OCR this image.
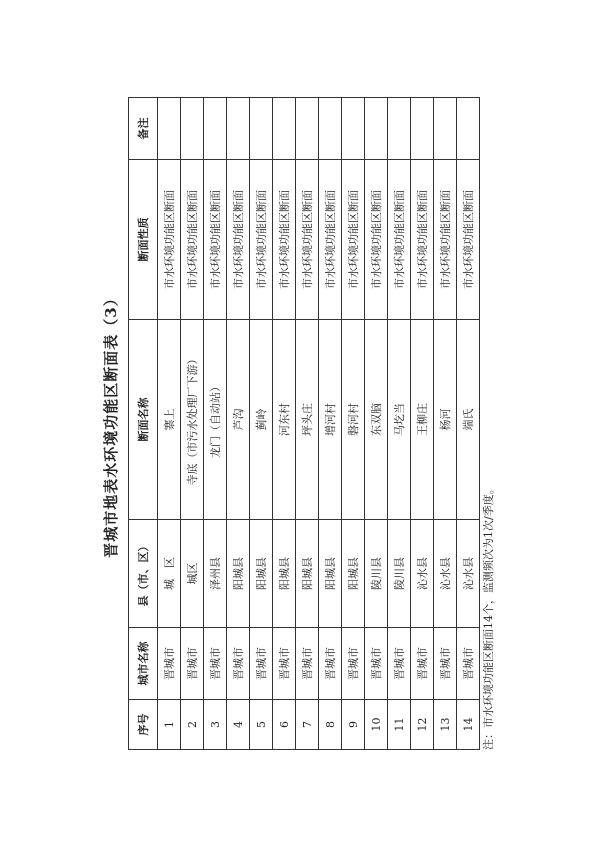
晋城市地表水环境功能区断面表（3）
序号	城市名称	县（市、区）	断面名称	断面性质	备注
1	晋城市	城　区	寨上	市水环境功能区断面	
2	晋城市	城区	寺底（市污水处理厂下游）	市水环境功能区断面	
3	晋城市	泽州县	龙门（自动站）	市水环境功能区断面	
4	晋城市	阳城县	芦沟	市水环境功能区断面	
5	晋城市	阳城县	蓟岭	市水环境功能区断面	
6	晋城市	阳城县	河东村	市水环境功能区断面	
7	晋城市	阳城县	坪头庄	市水环境功能区断面	
8	晋城市	阳城县	增河村	市水环境功能区断面	
9	晋城市	阳城县	磐河村	市水环境功能区断面	
10	晋城市	陵川县	东双脑	市水环境功能区断面	
11	晋城市	陵川县	马圪当	市水环境功能区断面	
12	晋城市	沁水县	王柳庄	市水环境功能区断面	
13	晋城市	沁水县	杨河	市水环境功能区断面	
14	晋城市	沁水县	端氏	市水环境功能区断面	
注：市水环境功能区断面14个，监测频次为1次/季度。
